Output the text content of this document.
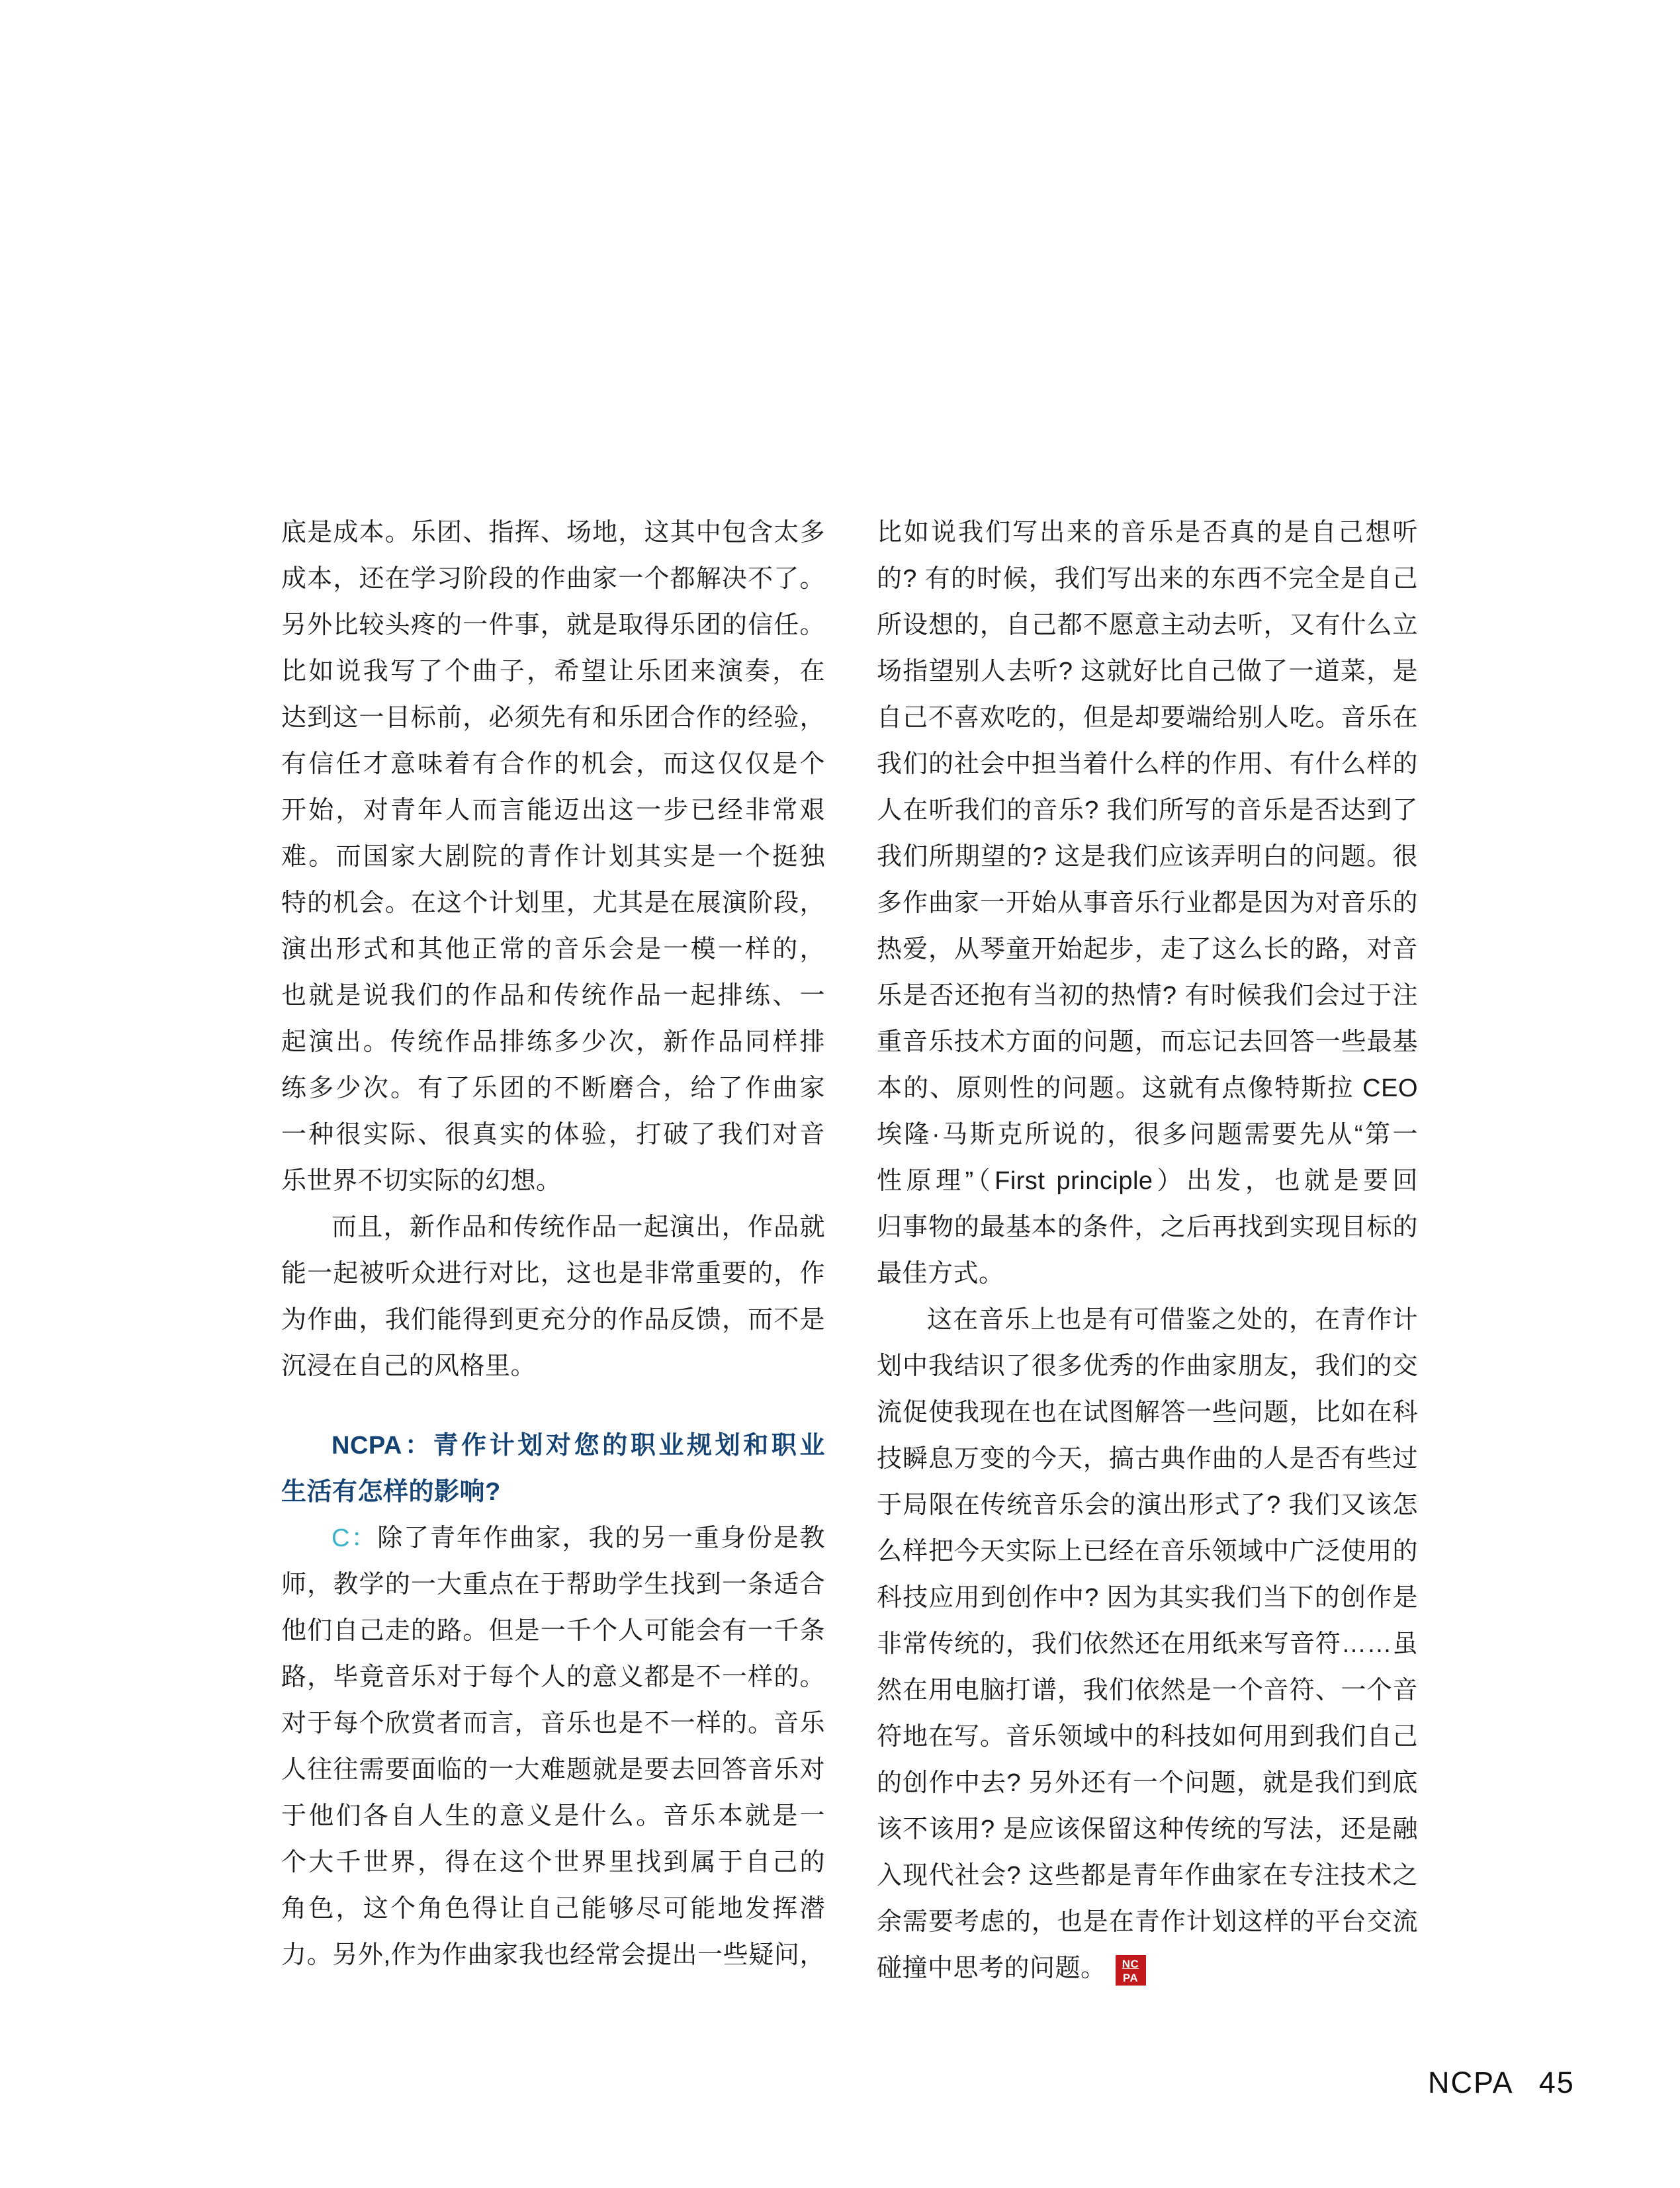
底是成本。乐团、指挥、场地，这其中包含太多
成本，还在学习阶段的作曲家一个都解决不了。
另外比较头疼的一件事，就是取得乐团的信任。
比如说我写了个曲子，希望让乐团来演奏，在
达到这一目标前，必须先有和乐团合作的经验，
有信任才意味着有合作的机会，而这仅仅是个
开始，对青年人而言能迈出这一步已经非常艰
难。而国家大剧院的青作计划其实是一个挺独
特的机会。在这个计划里，尤其是在展演阶段，
演出形式和其他正常的音乐会是一模一样的，
也就是说我们的作品和传统作品一起排练、一
起演出。传统作品排练多少次，新作品同样排
练多少次。有了乐团的不断磨合，给了作曲家
一种很实际、很真实的体验，打破了我们对音
乐世界不切实际的幻想。
而且，新作品和传统作品一起演出，作品就
能一起被听众进行对比，这也是非常重要的，作
为作曲，我们能得到更充分的作品反馈，而不是
沉浸在自己的风格里。
NCPA：青作计划对您的职业规划和职业
生活有怎样的影响?
C：除了青年作曲家，我的另一重身份是教
师，教学的一大重点在于帮助学生找到一条适合
他们自己走的路。但是一千个人可能会有一千条
路，毕竟音乐对于每个人的意义都是不一样的。
对于每个欣赏者而言，音乐也是不一样的。音乐
人往往需要面临的一大难题就是要去回答音乐对
于他们各自人生的意义是什么。音乐本就是一
个大千世界，得在这个世界里找到属于自己的
角色，这个角色得让自己能够尽可能地发挥潜
力。另外,作为作曲家我也经常会提出一些疑问，
比如说我们写出来的音乐是否真的是自己想听
的? 有的时候，我们写出来的东西不完全是自己
所设想的，自己都不愿意主动去听，又有什么立
场指望别人去听? 这就好比自己做了一道菜，是
自己不喜欢吃的，但是却要端给别人吃。音乐在
我们的社会中担当着什么样的作用、有什么样的
人在听我们的音乐? 我们所写的音乐是否达到了
我们所期望的? 这是我们应该弄明白的问题。很
多作曲家一开始从事音乐行业都是因为对音乐的
热爱，从琴童开始起步，走了这么长的路，对音
乐是否还抱有当初的热情? 有时候我们会过于注
重音乐技术方面的问题，而忘记去回答一些最基
本的、原则性的问题。这就有点像特斯拉 CEO
埃隆·马斯克所说的，很多问题需要先从“第一
性原理”（First principle）出发，也就是要回
归事物的最基本的条件，之后再找到实现目标的
最佳方式。
这在音乐上也是有可借鉴之处的，在青作计
划中我结识了很多优秀的作曲家朋友，我们的交
流促使我现在也在试图解答一些问题，比如在科
技瞬息万变的今天，搞古典作曲的人是否有些过
于局限在传统音乐会的演出形式了? 我们又该怎
么样把今天实际上已经在音乐领域中广泛使用的
科技应用到创作中? 因为其实我们当下的创作是
非常传统的，我们依然还在用纸来写音符……虽
然在用电脑打谱，我们依然是一个音符、一个音
符地在写。音乐领域中的科技如何用到我们自己
的创作中去? 另外还有一个问题，就是我们到底
该不该用? 是应该保留这种传统的写法，还是融
入现代社会? 这些都是青年作曲家在专注技术之
余需要考虑的，也是在青作计划这样的平台交流
碰撞中思考的问题。 $\frac{NC}{PA}$
NCPA 45
